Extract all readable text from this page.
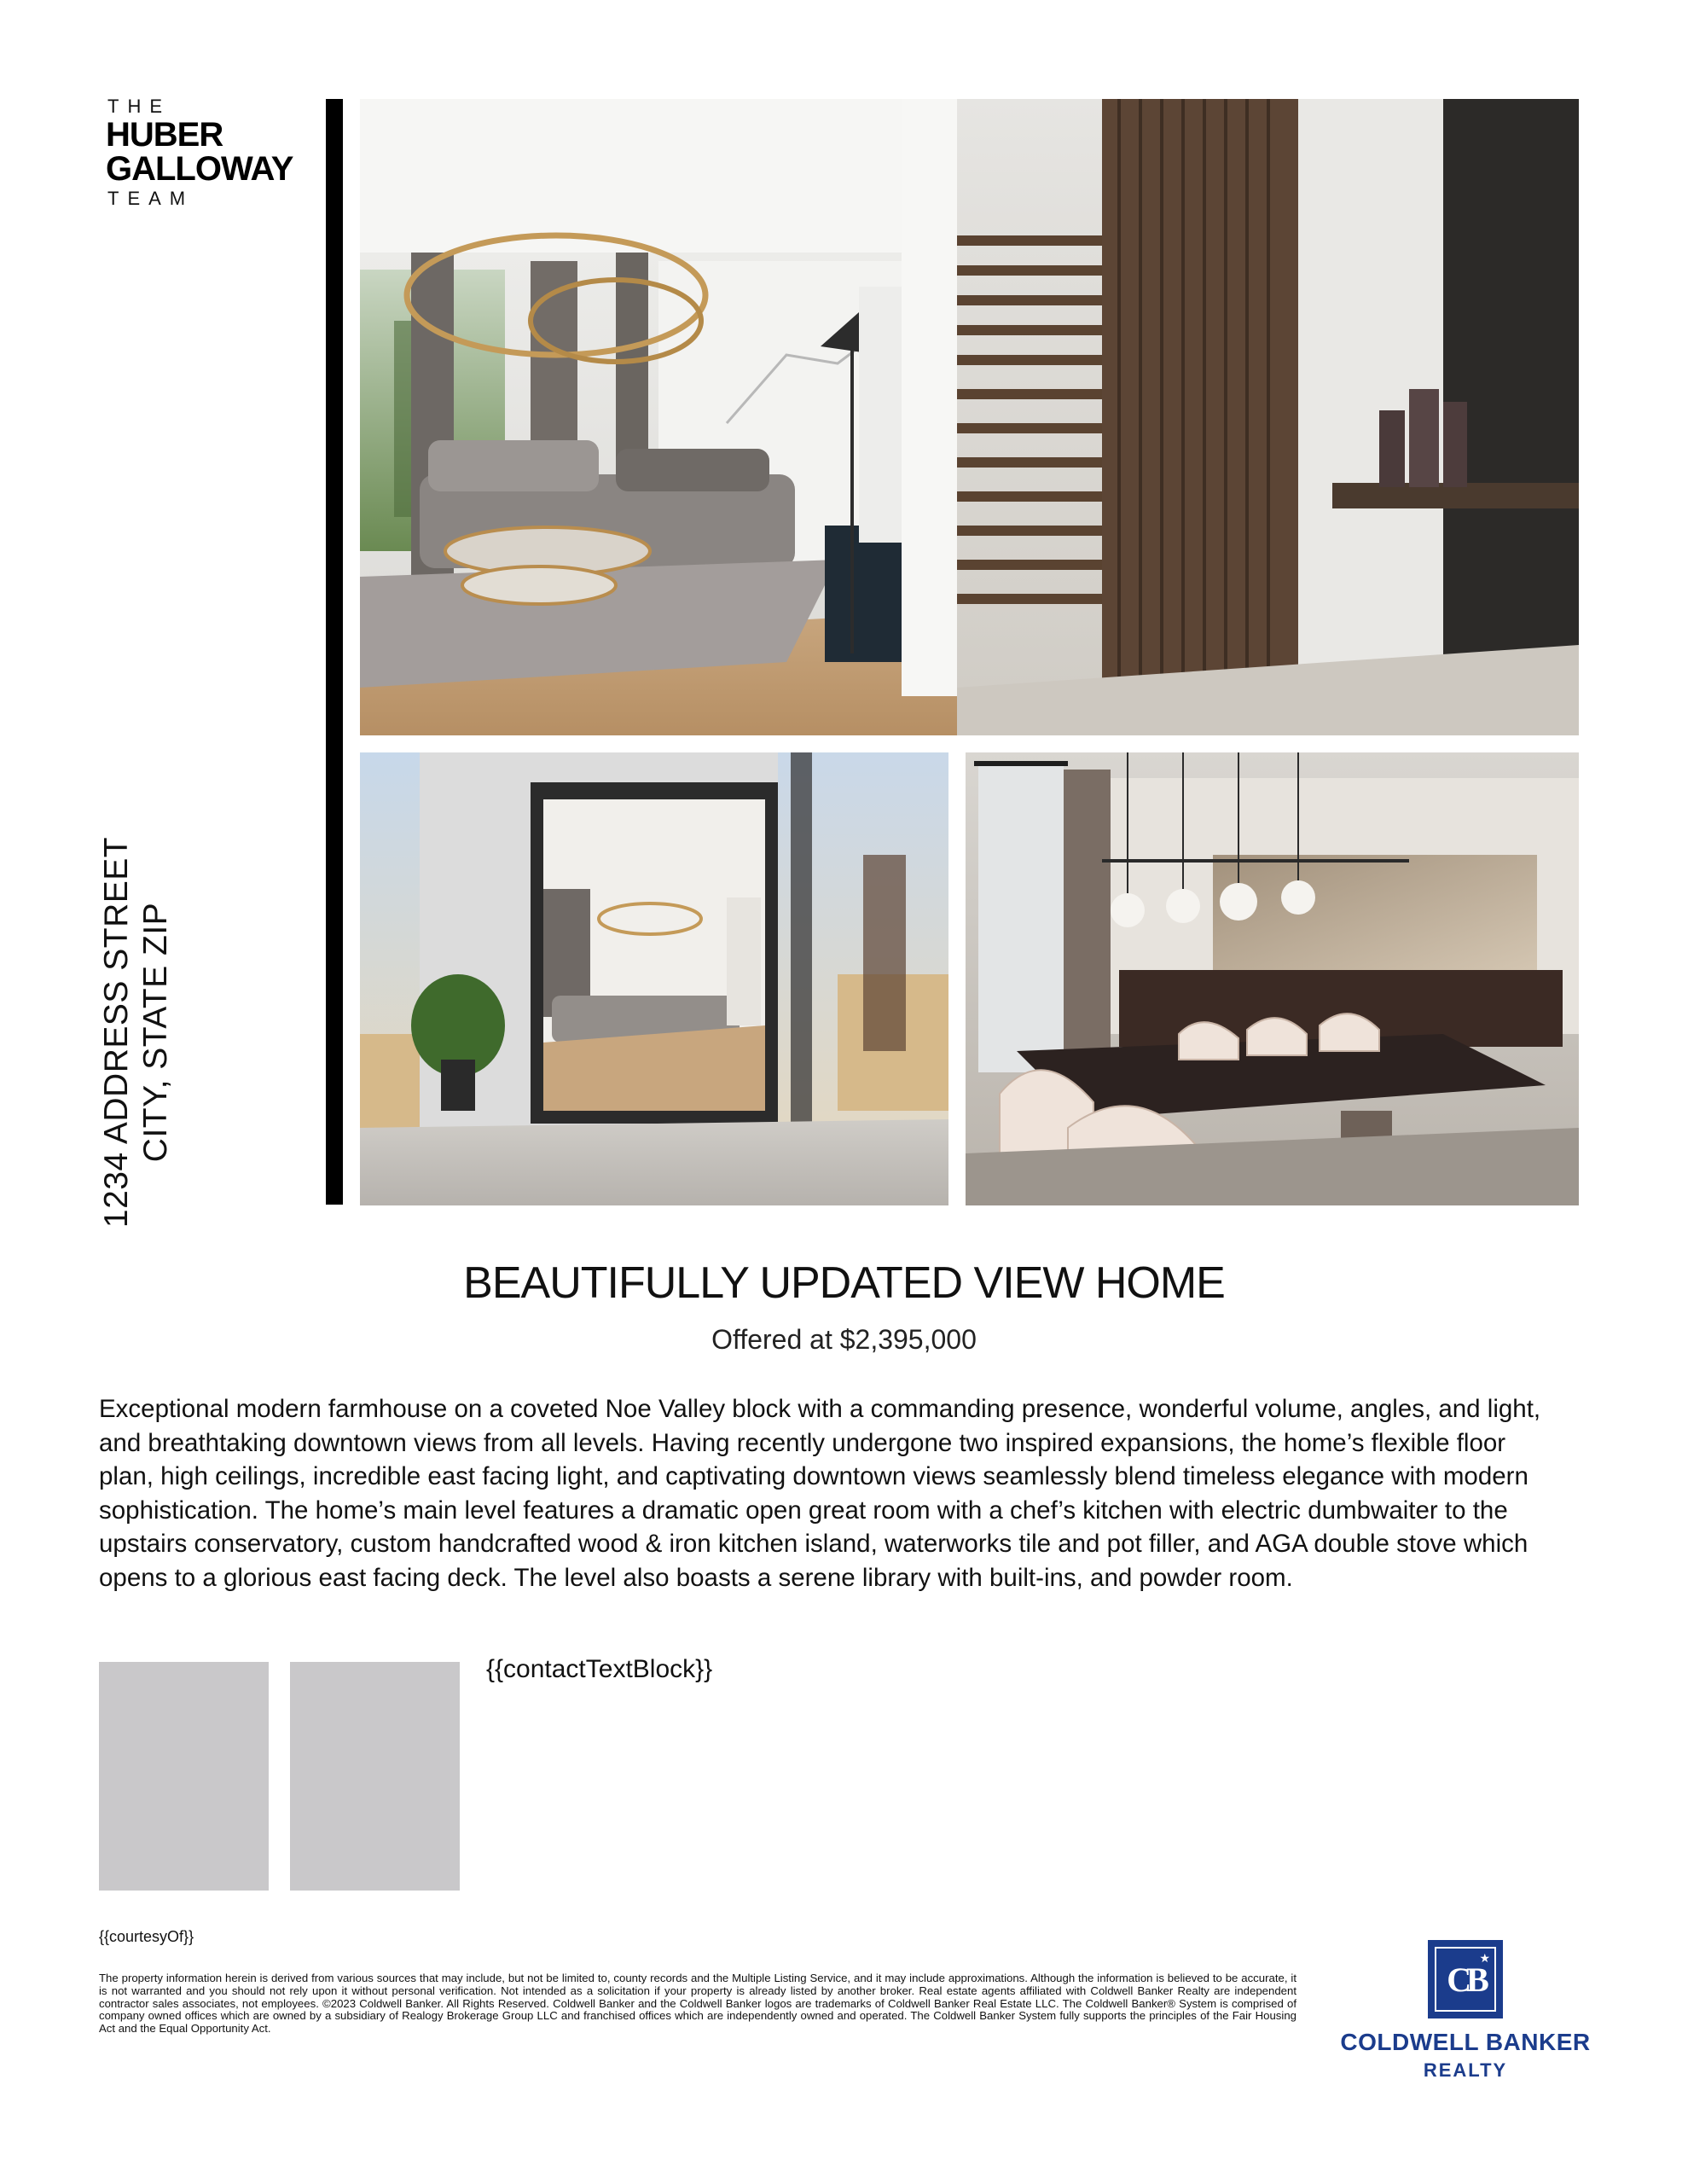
THE
HUBER
GALLOWAY
TEAM
1234 ADDRESS STREET CITY, STATE ZIP
BEAUTIFULLY UPDATED VIEW HOME
Offered at $2,395,000
Exceptional modern farmhouse on a coveted Noe Valley block with a commanding presence, wonderful volume, angles, and light, and breathtaking downtown views from all levels. Having recently undergone two inspired expansions, the home’s flexible floor plan, high ceilings, incredible east facing light, and captivating downtown views seamlessly blend timeless elegance with modern sophistication. The home’s main level features a dramatic open great room with a chef’s kitchen with electric dumbwaiter to the upstairs conservatory, custom handcrafted wood & iron kitchen island, waterworks tile and pot filler, and AGA double stove which opens to a glorious east facing deck. The level also boasts a serene library with built-ins, and powder room.
{{contactTextBlock}}
{{courtesyOf}}
The property information herein is derived from various sources that may include, but not be limited to, county records and the Multiple Listing Service, and it may include approximations. Although the information is believed to be accurate, it is not warranted and you should not rely upon it without personal verification. Not intended as a solicitation if your property is already listed by another broker. Real estate agents affiliated with Coldwell Banker Realty are independent contractor sales associates, not employees. ©2023 Coldwell Banker. All Rights Reserved. Coldwell Banker and the Coldwell Banker logos are trademarks of Coldwell Banker Real Estate LLC. The Coldwell Banker® System is comprised of company owned offices which are owned by a subsidiary of Realogy Brokerage Group LLC and franchised offices which are independently owned and operated. The Coldwell Banker System fully supports the principles of the Fair Housing Act and the Equal Opportunity Act.
CB
★
COLDWELL BANKER
REALTY
